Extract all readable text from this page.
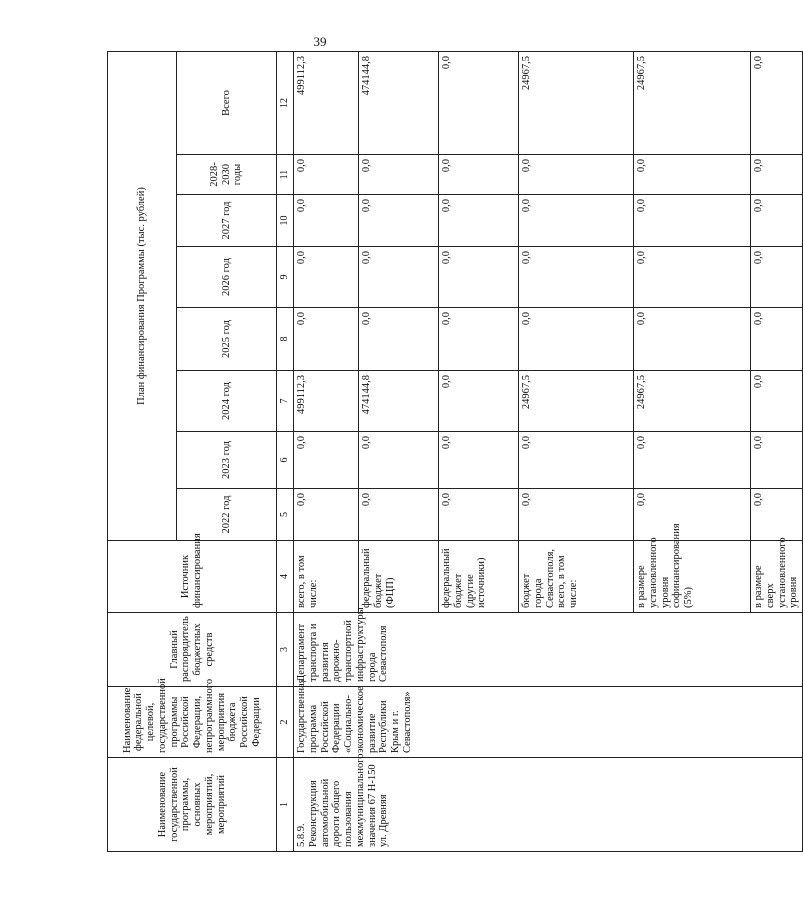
39
Наименование государственной программы, основных мероприятий, мероприятий	Наименование федеральной целевой, государственной программы Российской Федерации, непрограммного мероприятия бюджета Российской Федерации	Главный распорядитель бюджетных средств	Источник финансирования	План финансирования Программы (тыс. рублей)							
				2022 год	2023 год	2024 год	2025 год	2026 год	2027 год	2028-2030 годы	Всего
1	2	3	4	5	6	7	8	9	10	11	12
5.8.9. Реконструкция автомобильной дороги общего пользования межмуниципального значения 67 Н-150 ул. Древняя	Государственная программа Российской Федерации «Социально-экономическое развитие Республики Крым и г. Севастополя»	Департамент транспорта и развития дорожно-транспортной инфраструктуры города Севастополя	всего, в том числе:	0,0	0,0	499112,3	0,0	0,0	0,0	0,0	499112,3
			федеральный бюджет (ФЦП)	0,0	0,0	474144,8	0,0	0,0	0,0	0,0	474144,8
			федеральный бюджет (другие источники)	0,0	0,0	0,0	0,0	0,0	0,0	0,0	0,0
			бюджет города Севастополя, всего, в том числе:	0,0	0,0	24967,5	0,0	0,0	0,0	0,0	24967,5
			в размере установленного уровня софинансирования (5%)	0,0	0,0	24967,5	0,0	0,0	0,0	0,0	24967,5
			в размере сверх установленного уровня	0,0	0,0	0,0	0,0	0,0	0,0	0,0	0,0
